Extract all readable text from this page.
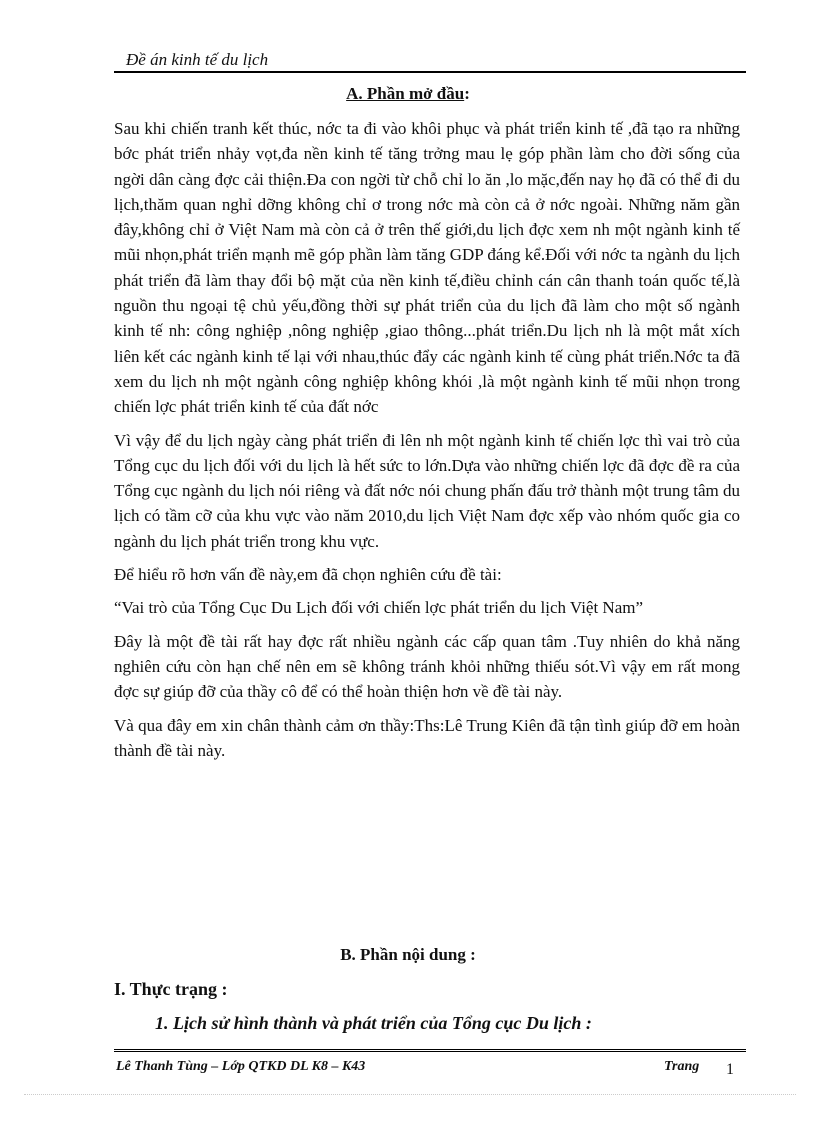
Đề án kinh tế du lịch
A. Phần mở đầu:

Sau khi chiến tranh kết thúc, nớc ta đi vào khôi phục và phát triển kinh tế ,đã tạo ra những bớc phát triển nhảy vọt,đa nền kinh tế tăng trởng mau lẹ góp phần làm cho đời sống của ngời dân càng đợc cải thiện.Đa con ngời từ chỗ chỉ lo ăn ,lo mặc,đến nay họ đã có thể đi du lịch,thăm quan nghỉ dỡng không chỉ ơ trong nớc mà còn cả ở nớc ngoài. Những năm gần đây,không chỉ ở Việt Nam mà còn cả ở trên thế giới,du lịch đợc xem nh một ngành kinh tế mũi nhọn,phát triển mạnh mẽ góp phần làm tăng GDP đáng kể.Đối với nớc ta ngành du lịch phát triển đã làm thay đổi bộ mặt của nền kinh tế,điều chỉnh cán cân thanh toán quốc tế,là nguồn thu ngoại tệ chủ yếu,đồng thời sự phát triển của du lịch đã làm cho một số ngành kinh tế nh: công nghiệp ,nông nghiệp ,giao thông...phát triển.Du lịch nh là một mắt xích liên kết các ngành kinh tế lại với nhau,thúc đẩy các ngành kinh tế cùng phát triển.Nớc ta đã xem du lịch nh một ngành công nghiệp không khói ,là một ngành kinh tế mũi nhọn trong chiến lợc phát triển kinh tế của đất nớc

Vì vậy để du lịch ngày càng phát triển đi lên nh một ngành kinh tế chiến lợc thì vai trò của Tổng cục du lịch đối với du lịch là hết sức to lớn.Dựa vào những chiến lợc đã đợc đề ra của Tổng cục ngành du lịch nói riêng và đất nớc nói chung phấn đấu trở thành một trung tâm du lịch có tầm cỡ của khu vực vào năm 2010,du lịch Việt Nam đợc xếp vào nhóm quốc gia co ngành du lịch phát triển trong khu vực.

Để hiểu rõ hơn vấn đề này,em đã chọn nghiên cứu đề tài:

“Vai trò của Tổng Cục Du Lịch đối với chiến lợc phát triển du lịch Việt Nam”

Đây là một đề tài rất hay đợc rất nhiều ngành các cấp quan tâm .Tuy nhiên do khả năng nghiên cứu còn hạn chế nên em sẽ không tránh khỏi những thiếu sót.Vì vậy em rất mong đợc sự giúp đỡ của thầy cô để có thể hoàn thiện hơn về đề tài này.

Và qua đây em xin chân thành cảm ơn thầy:Ths:Lê Trung Kiên đã tận tình giúp đỡ em hoàn thành đề tài này.

B. Phần nội dung :
I. Thực trạng :
1. Lịch sử hình thành và phát triển của Tổng cục Du lịch :
Lê Thanh Tùng – Lớp QTKD DL K8 – K43	Trang 1
